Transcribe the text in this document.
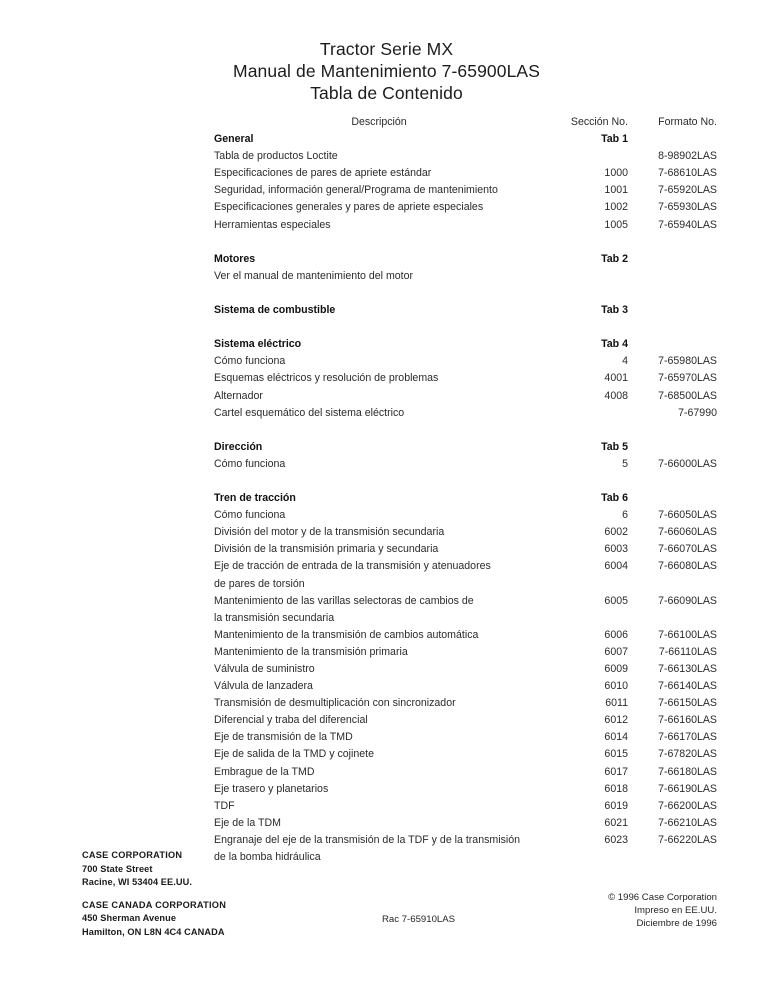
Tractor Serie MX
Manual de Mantenimiento 7-65900LAS
Tabla de Contenido
Descripción	Sección No.	Formato No.
General	Tab 1
Tabla de productos Loctite	8-98902LAS
Especificaciones de pares de apriete estándar	1000	7-68610LAS
Seguridad, información general/Programa de mantenimiento	1001	7-65920LAS
Especificaciones generales y pares de apriete especiales	1002	7-65930LAS
Herramientas especiales	1005	7-65940LAS
Motores	Tab 2
Ver el manual de mantenimiento del motor
Sistema de combustible	Tab 3
Sistema eléctrico	Tab 4
Cómo funciona	4	7-65980LAS
Esquemas eléctricos y resolución de problemas	4001	7-65970LAS
Alternador	4008	7-68500LAS
Cartel esquemático del sistema eléctrico	7-67990
Dirección	Tab 5
Cómo funciona	5	7-66000LAS
Tren de tracción	Tab 6
Cómo funciona	6	7-66050LAS
División del motor y de la transmisión secundaria	6002	7-66060LAS
División de la transmisión primaria y secundaria	6003	7-66070LAS
Eje de tracción de entrada de la transmisión y atenuadores	6004	7-66080LAS
de pares de torsión
Mantenimiento de las varillas selectoras de cambios de	6005	7-66090LAS
la transmisión secundaria
Mantenimiento de la transmisión de cambios automática	6006	7-66100LAS
Mantenimiento de la transmisión primaria	6007	7-66110LAS
Válvula de suministro	6009	7-66130LAS
Válvula de lanzadera	6010	7-66140LAS
Transmisión de desmultiplicación con sincronizador	6011	7-66150LAS
Diferencial y traba del diferencial	6012	7-66160LAS
Eje de transmisión de la TMD	6014	7-66170LAS
Eje de salida de la TMD y cojinete	6015	7-67820LAS
Embrague de la TMD	6017	7-66180LAS
Eje trasero y planetarios	6018	7-66190LAS
TDF	6019	7-66200LAS
Eje de la TDM	6021	7-66210LAS
Engranaje del eje de la transmisión de la TDF y de la transmisión	6023	7-66220LAS
de la bomba hidráulica
CASE CORPORATION
700 State Street
Racine, WI 53404 EE.UU.
CASE CANADA CORPORATION
450 Sherman Avenue
Hamilton, ON L8N 4C4 CANADA
Rac 7-65910LAS
© 1996 Case Corporation
Impreso en EE.UU.
Diciembre de 1996
